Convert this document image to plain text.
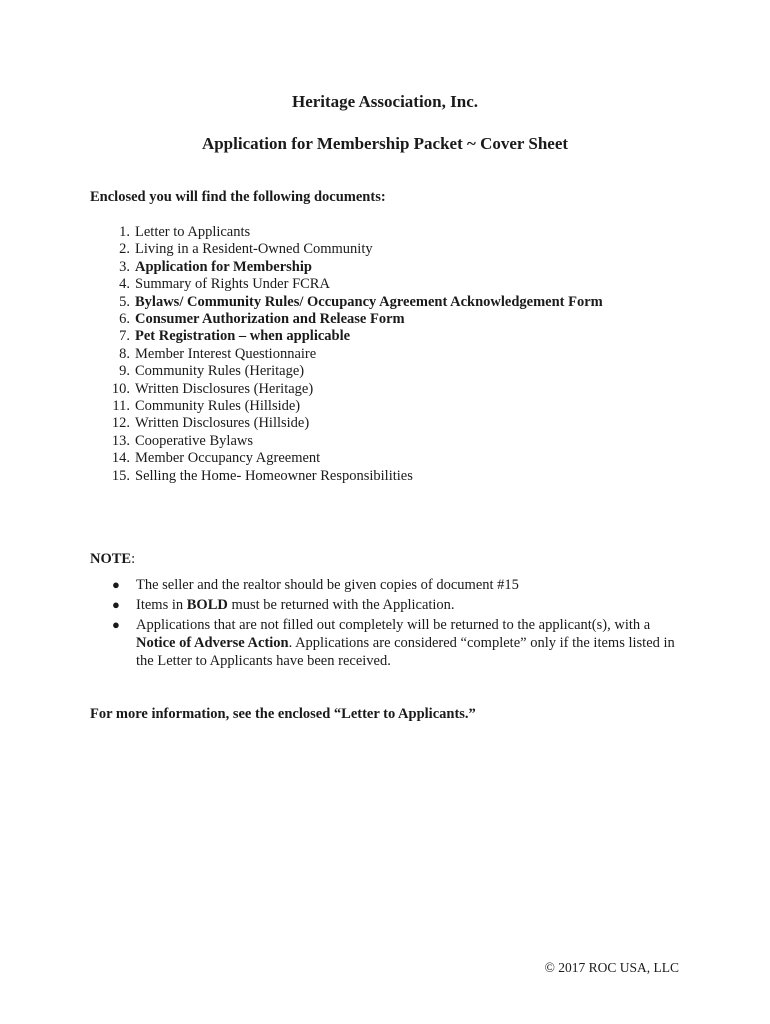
Heritage Association, Inc.
Application for Membership Packet ~ Cover Sheet
Enclosed you will find the following documents:
1. Letter to Applicants
2. Living in a Resident-Owned Community
3. Application for Membership
4. Summary of Rights Under FCRA
5. Bylaws/ Community Rules/ Occupancy Agreement Acknowledgement Form
6. Consumer Authorization and Release Form
7. Pet Registration – when applicable
8. Member Interest Questionnaire
9. Community Rules (Heritage)
10. Written Disclosures (Heritage)
11. Community Rules (Hillside)
12. Written Disclosures (Hillside)
13. Cooperative Bylaws
14. Member Occupancy Agreement
15. Selling the Home- Homeowner Responsibilities
NOTE:
●	The seller and the realtor should be given copies of document #15
●	Items in BOLD must be returned with the Application.
●	Applications that are not filled out completely will be returned to the applicant(s), with a Notice of Adverse Action. Applications are considered “complete” only if the items listed in the Letter to Applicants have been received.
For more information, see the enclosed “Letter to Applicants.”
© 2017 ROC USA, LLC
